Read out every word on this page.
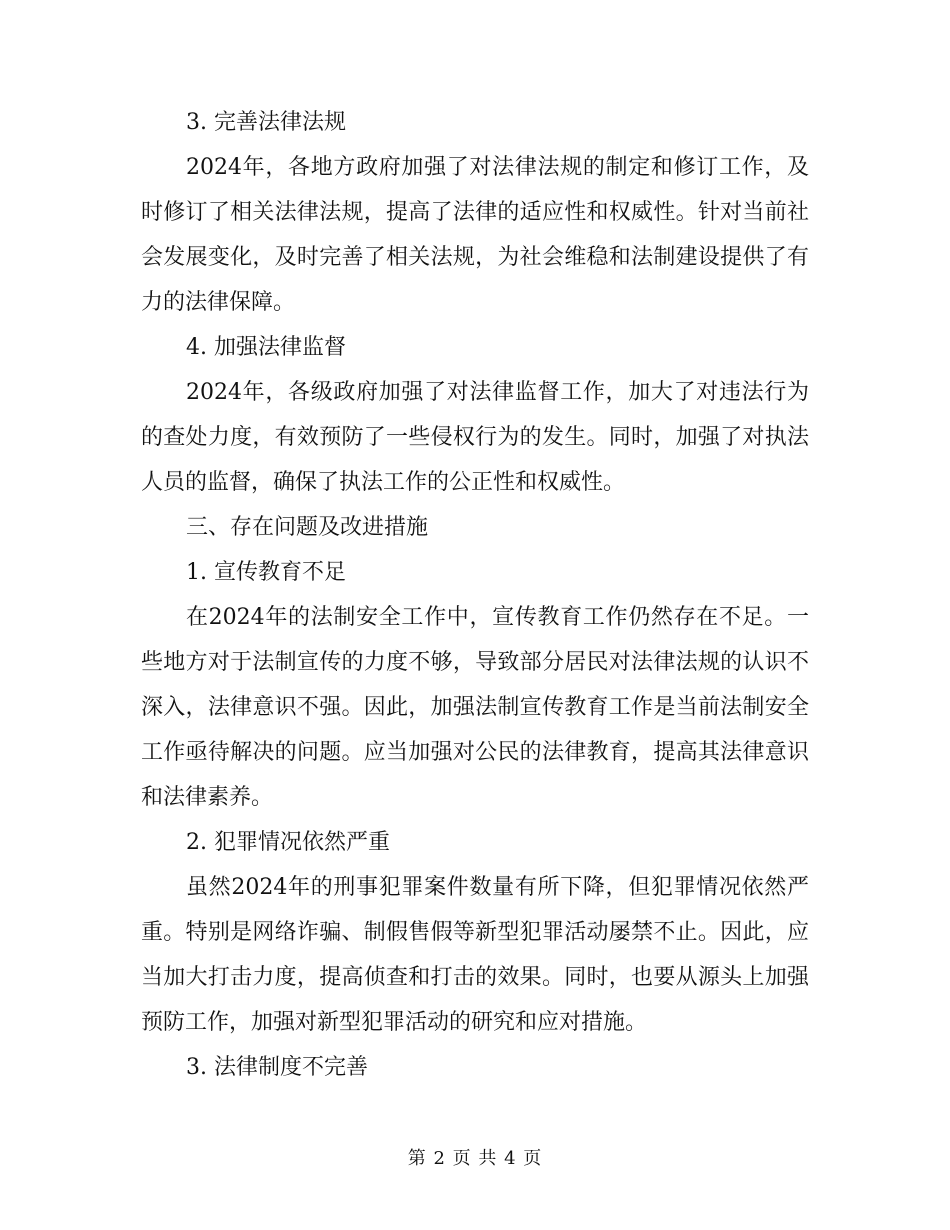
3. 完善法律法规

2024年，各地方政府加强了对法律法规的制定和修订工作，及时修订了相关法律法规，提高了法律的适应性和权威性。针对当前社会发展变化，及时完善了相关法规，为社会维稳和法制建设提供了有力的法律保障。

4. 加强法律监督

2024年，各级政府加强了对法律监督工作，加大了对违法行为的查处力度，有效预防了一些侵权行为的发生。同时，加强了对执法人员的监督，确保了执法工作的公正性和权威性。

三、存在问题及改进措施

1. 宣传教育不足

在2024年的法制安全工作中，宣传教育工作仍然存在不足。一些地方对于法制宣传的力度不够，导致部分居民对法律法规的认识不深入，法律意识不强。因此，加强法制宣传教育工作是当前法制安全工作亟待解决的问题。应当加强对公民的法律教育，提高其法律意识和法律素养。

2. 犯罪情况依然严重

虽然2024年的刑事犯罪案件数量有所下降，但犯罪情况依然严重。特别是网络诈骗、制假售假等新型犯罪活动屡禁不止。因此，应当加大打击力度，提高侦查和打击的效果。同时，也要从源头上加强预防工作，加强对新型犯罪活动的研究和应对措施。

3. 法律制度不完善

第 2 页 共 4 页
